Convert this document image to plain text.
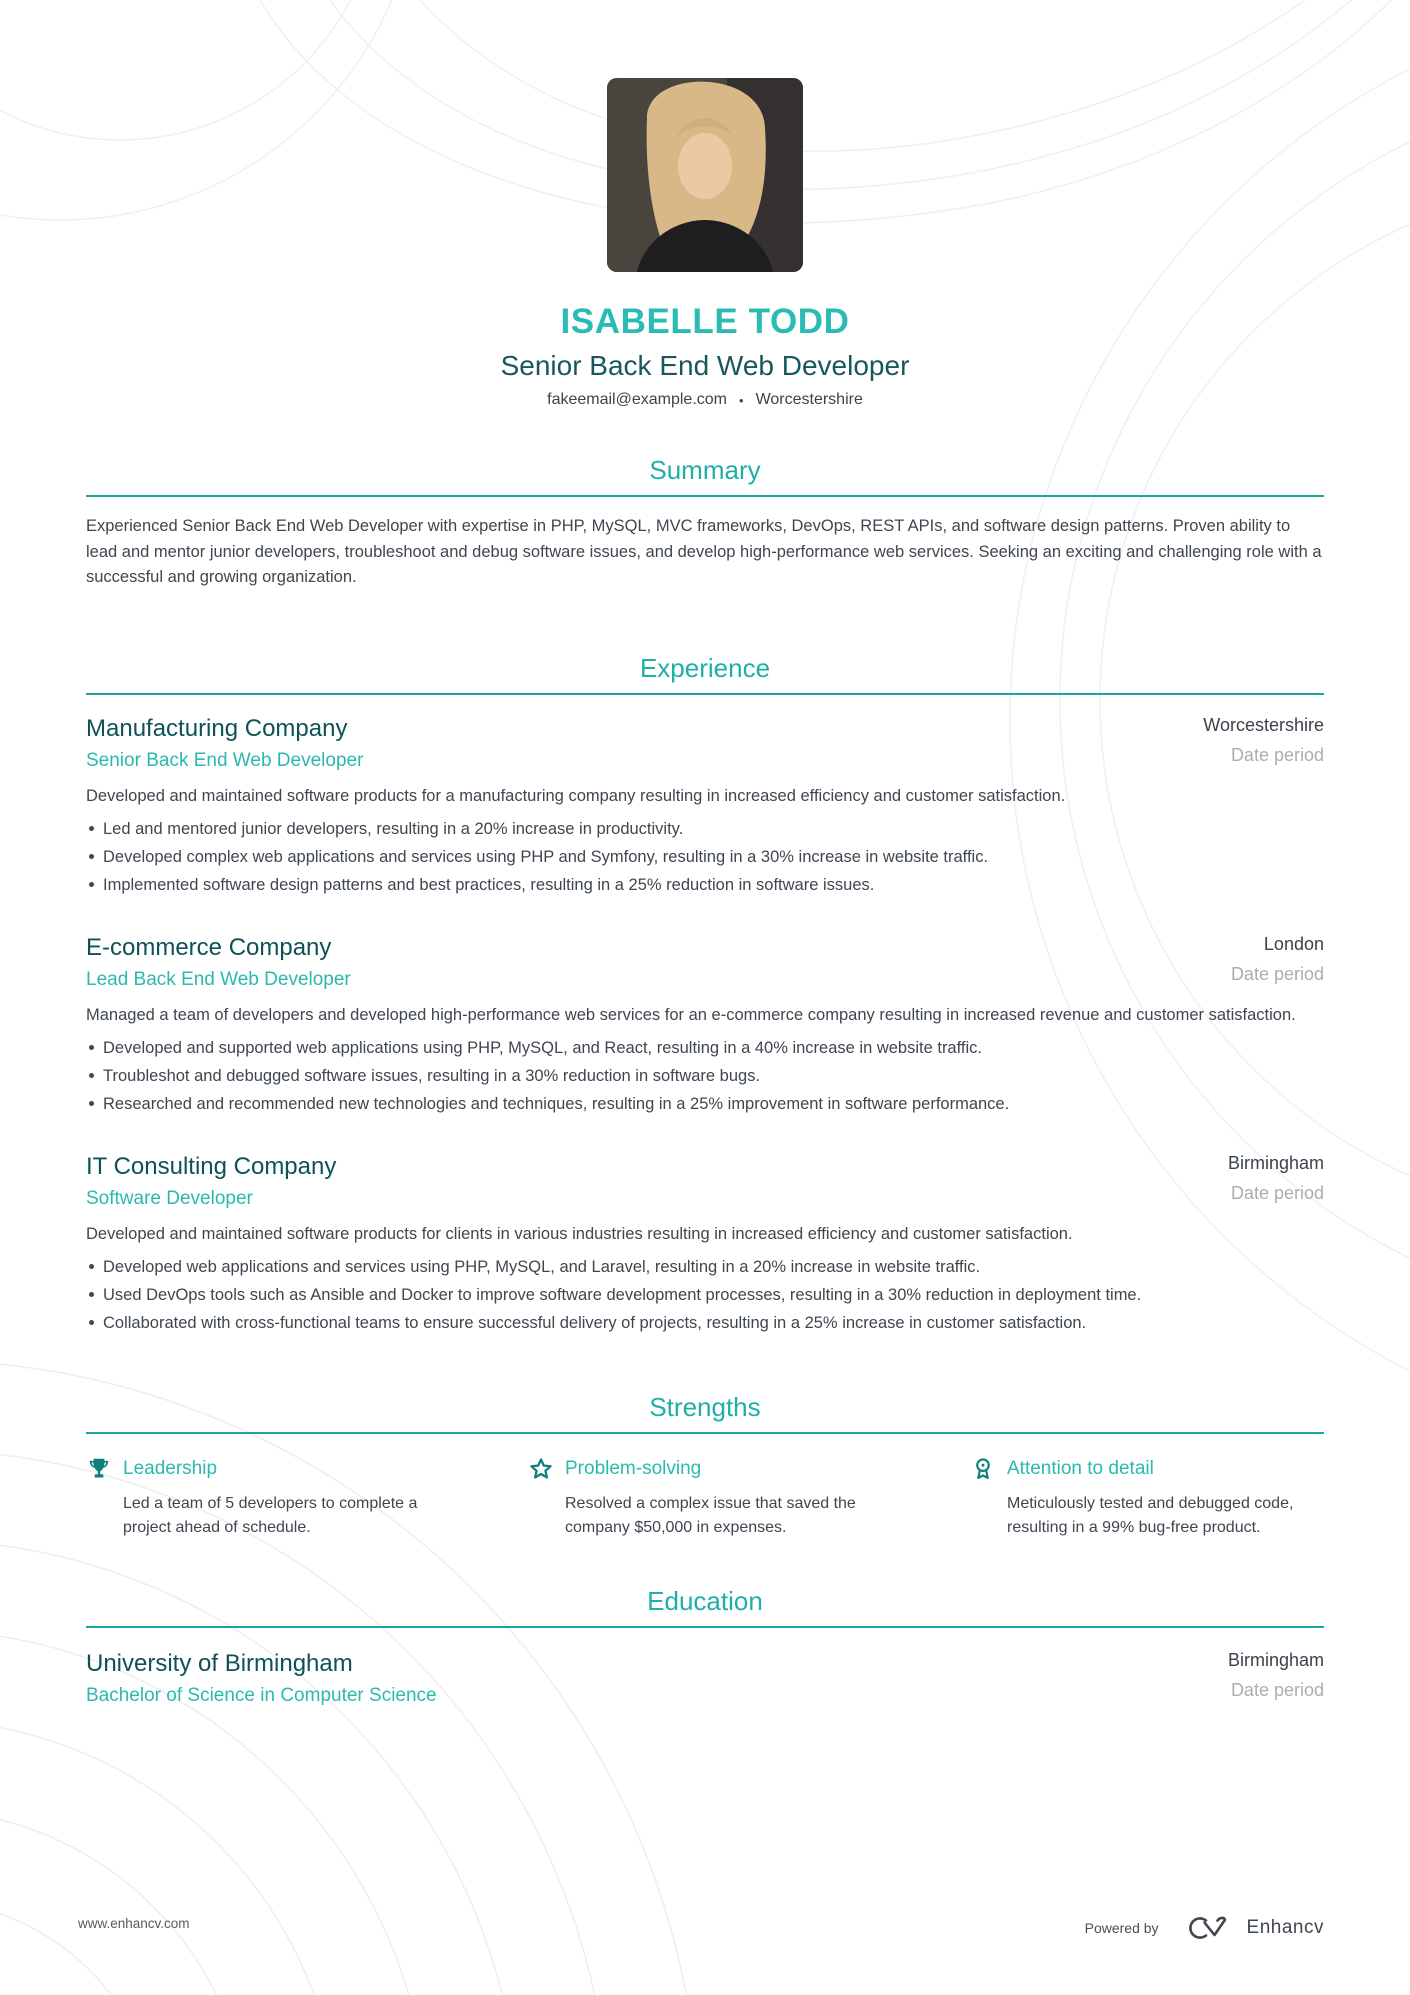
ISABELLE TODD
Senior Back End Web Developer
fakeemail@example.com • Worcestershire
Summary

Experienced Senior Back End Web Developer with expertise in PHP, MySQL, MVC frameworks, DevOps, REST APIs, and software design patterns. Proven ability to lead and mentor junior developers, troubleshoot and debug software issues, and develop high-performance web services. Seeking an exciting and challenging role with a successful and growing organization.

Experience
Manufacturing Company
Senior Back End Web Developer
Worcestershire
Date period

Developed and maintained software products for a manufacturing company resulting in increased efficiency and customer satisfaction.

Led and mentored junior developers, resulting in a 20% increase in productivity.
Developed complex web applications and services using PHP and Symfony, resulting in a 30% increase in website traffic.
Implemented software design patterns and best practices, resulting in a 25% reduction in software issues.
E-commerce Company
Lead Back End Web Developer
London
Date period

Managed a team of developers and developed high-performance web services for an e-commerce company resulting in increased revenue and customer satisfaction.

Developed and supported web applications using PHP, MySQL, and React, resulting in a 40% increase in website traffic.
Troubleshot and debugged software issues, resulting in a 30% reduction in software bugs.
Researched and recommended new technologies and techniques, resulting in a 25% improvement in software performance.
IT Consulting Company
Software Developer
Birmingham
Date period

Developed and maintained software products for clients in various industries resulting in increased efficiency and customer satisfaction.

Developed web applications and services using PHP, MySQL, and Laravel, resulting in a 20% increase in website traffic.
Used DevOps tools such as Ansible and Docker to improve software development processes, resulting in a 30% reduction in deployment time.
Collaborated with cross-functional teams to ensure successful delivery of projects, resulting in a 25% increase in customer satisfaction.
Strengths
Leadership

Led a team of 5 developers to complete a project ahead of schedule.

Problem-solving

Resolved a complex issue that saved the company $50,000 in expenses.

Attention to detail

Meticulously tested and debugged code, resulting in a 99% bug-free product.

Education
University of Birmingham
Bachelor of Science in Computer Science
Birmingham
Date period
www.enhancv.com	Powered by	Enhancv
